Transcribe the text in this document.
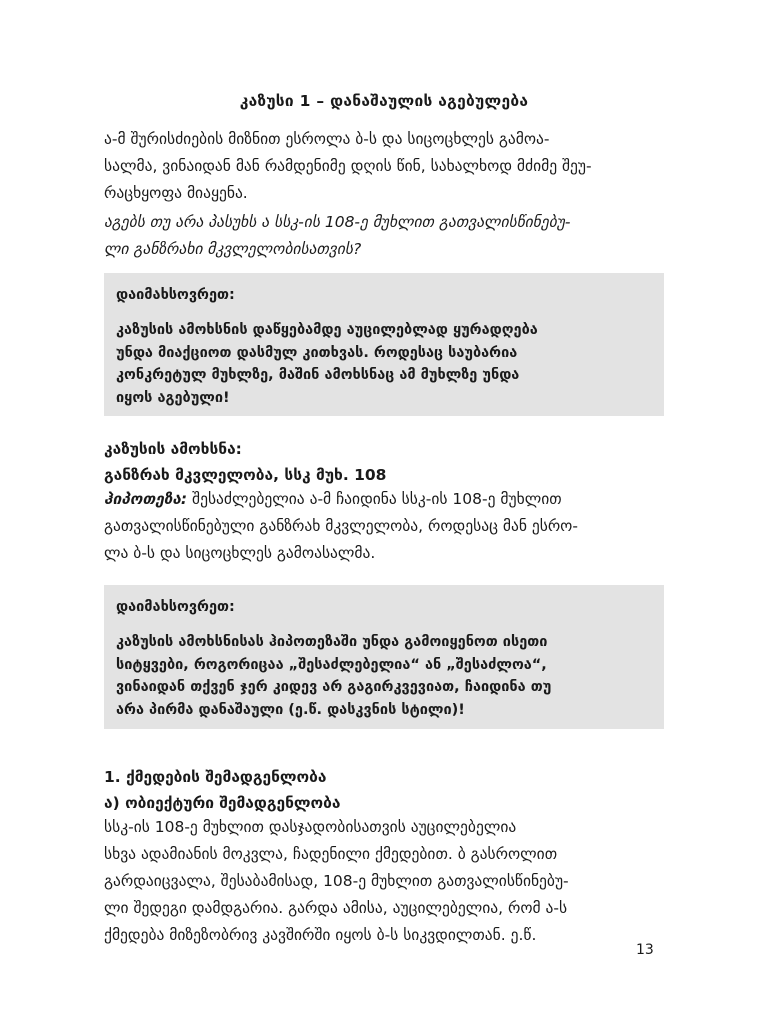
კაზუსი 1 – დანაშაულის აგებულება
ა-მ შურისძიების მიზნით ესროლა ბ-ს და სიცოცხლეს გამოა-
სალმა, ვინაიდან მან რამდენიმე დღის წინ, სახალხოდ მძიმე შეუ-
რაცხყოფა მიაყენა.
აგებს თუ არა პასუხს ა სსკ-ის 108-ე მუხლით გათვალისწინებუ-
ლი განზრახი მკვლელობისათვის?
დაიმახსოვრეთ:
კაზუსის ამოხსნის დაწყებამდე აუცილებლად ყურადღება
უნდა მიაქციოთ დასმულ კითხვას. როდესაც საუბარია
კონკრეტულ მუხლზე, მაშინ ამოხსნაც ამ მუხლზე უნდა
იყოს აგებული!
კაზუსის ამოხსნა:
განზრახ მკვლელობა, სსკ მუხ. 108
ჰიპოთეზა: შესაძლებელია ა-მ ჩაიდინა სსკ-ის 108-ე მუხლით
გათვალისწინებული განზრახ მკვლელობა, როდესაც მან ესრო-
ლა ბ-ს და სიცოცხლეს გამოასალმა.
დაიმახსოვრეთ:
კაზუსის ამოხსნისას ჰიპოთეზაში უნდა გამოიყენოთ ისეთი
სიტყვები, როგორიცაა „შესაძლებელია“ ან „შესაძლოა“,
ვინაიდან თქვენ ჯერ კიდევ არ გაგირკვევიათ, ჩაიდინა თუ
არა პირმა დანაშაული (ე.წ. დასკვნის სტილი)!
1. ქმედების შემადგენლობა
ა) ობიექტური შემადგენლობა
სსკ-ის 108-ე მუხლით დასჯადობისათვის აუცილებელია
სხვა ადამიანის მოკვლა, ჩადენილი ქმედებით. ბ გასროლით
გარდაიცვალა, შესაბამისად, 108-ე მუხლით გათვალისწინებუ-
ლი შედეგი დამდგარია. გარდა ამისა, აუცილებელია, რომ ა-ს
ქმედება მიზეზობრივ კავშირში იყოს ბ-ს სიკვდილთან. ე.წ.
13
